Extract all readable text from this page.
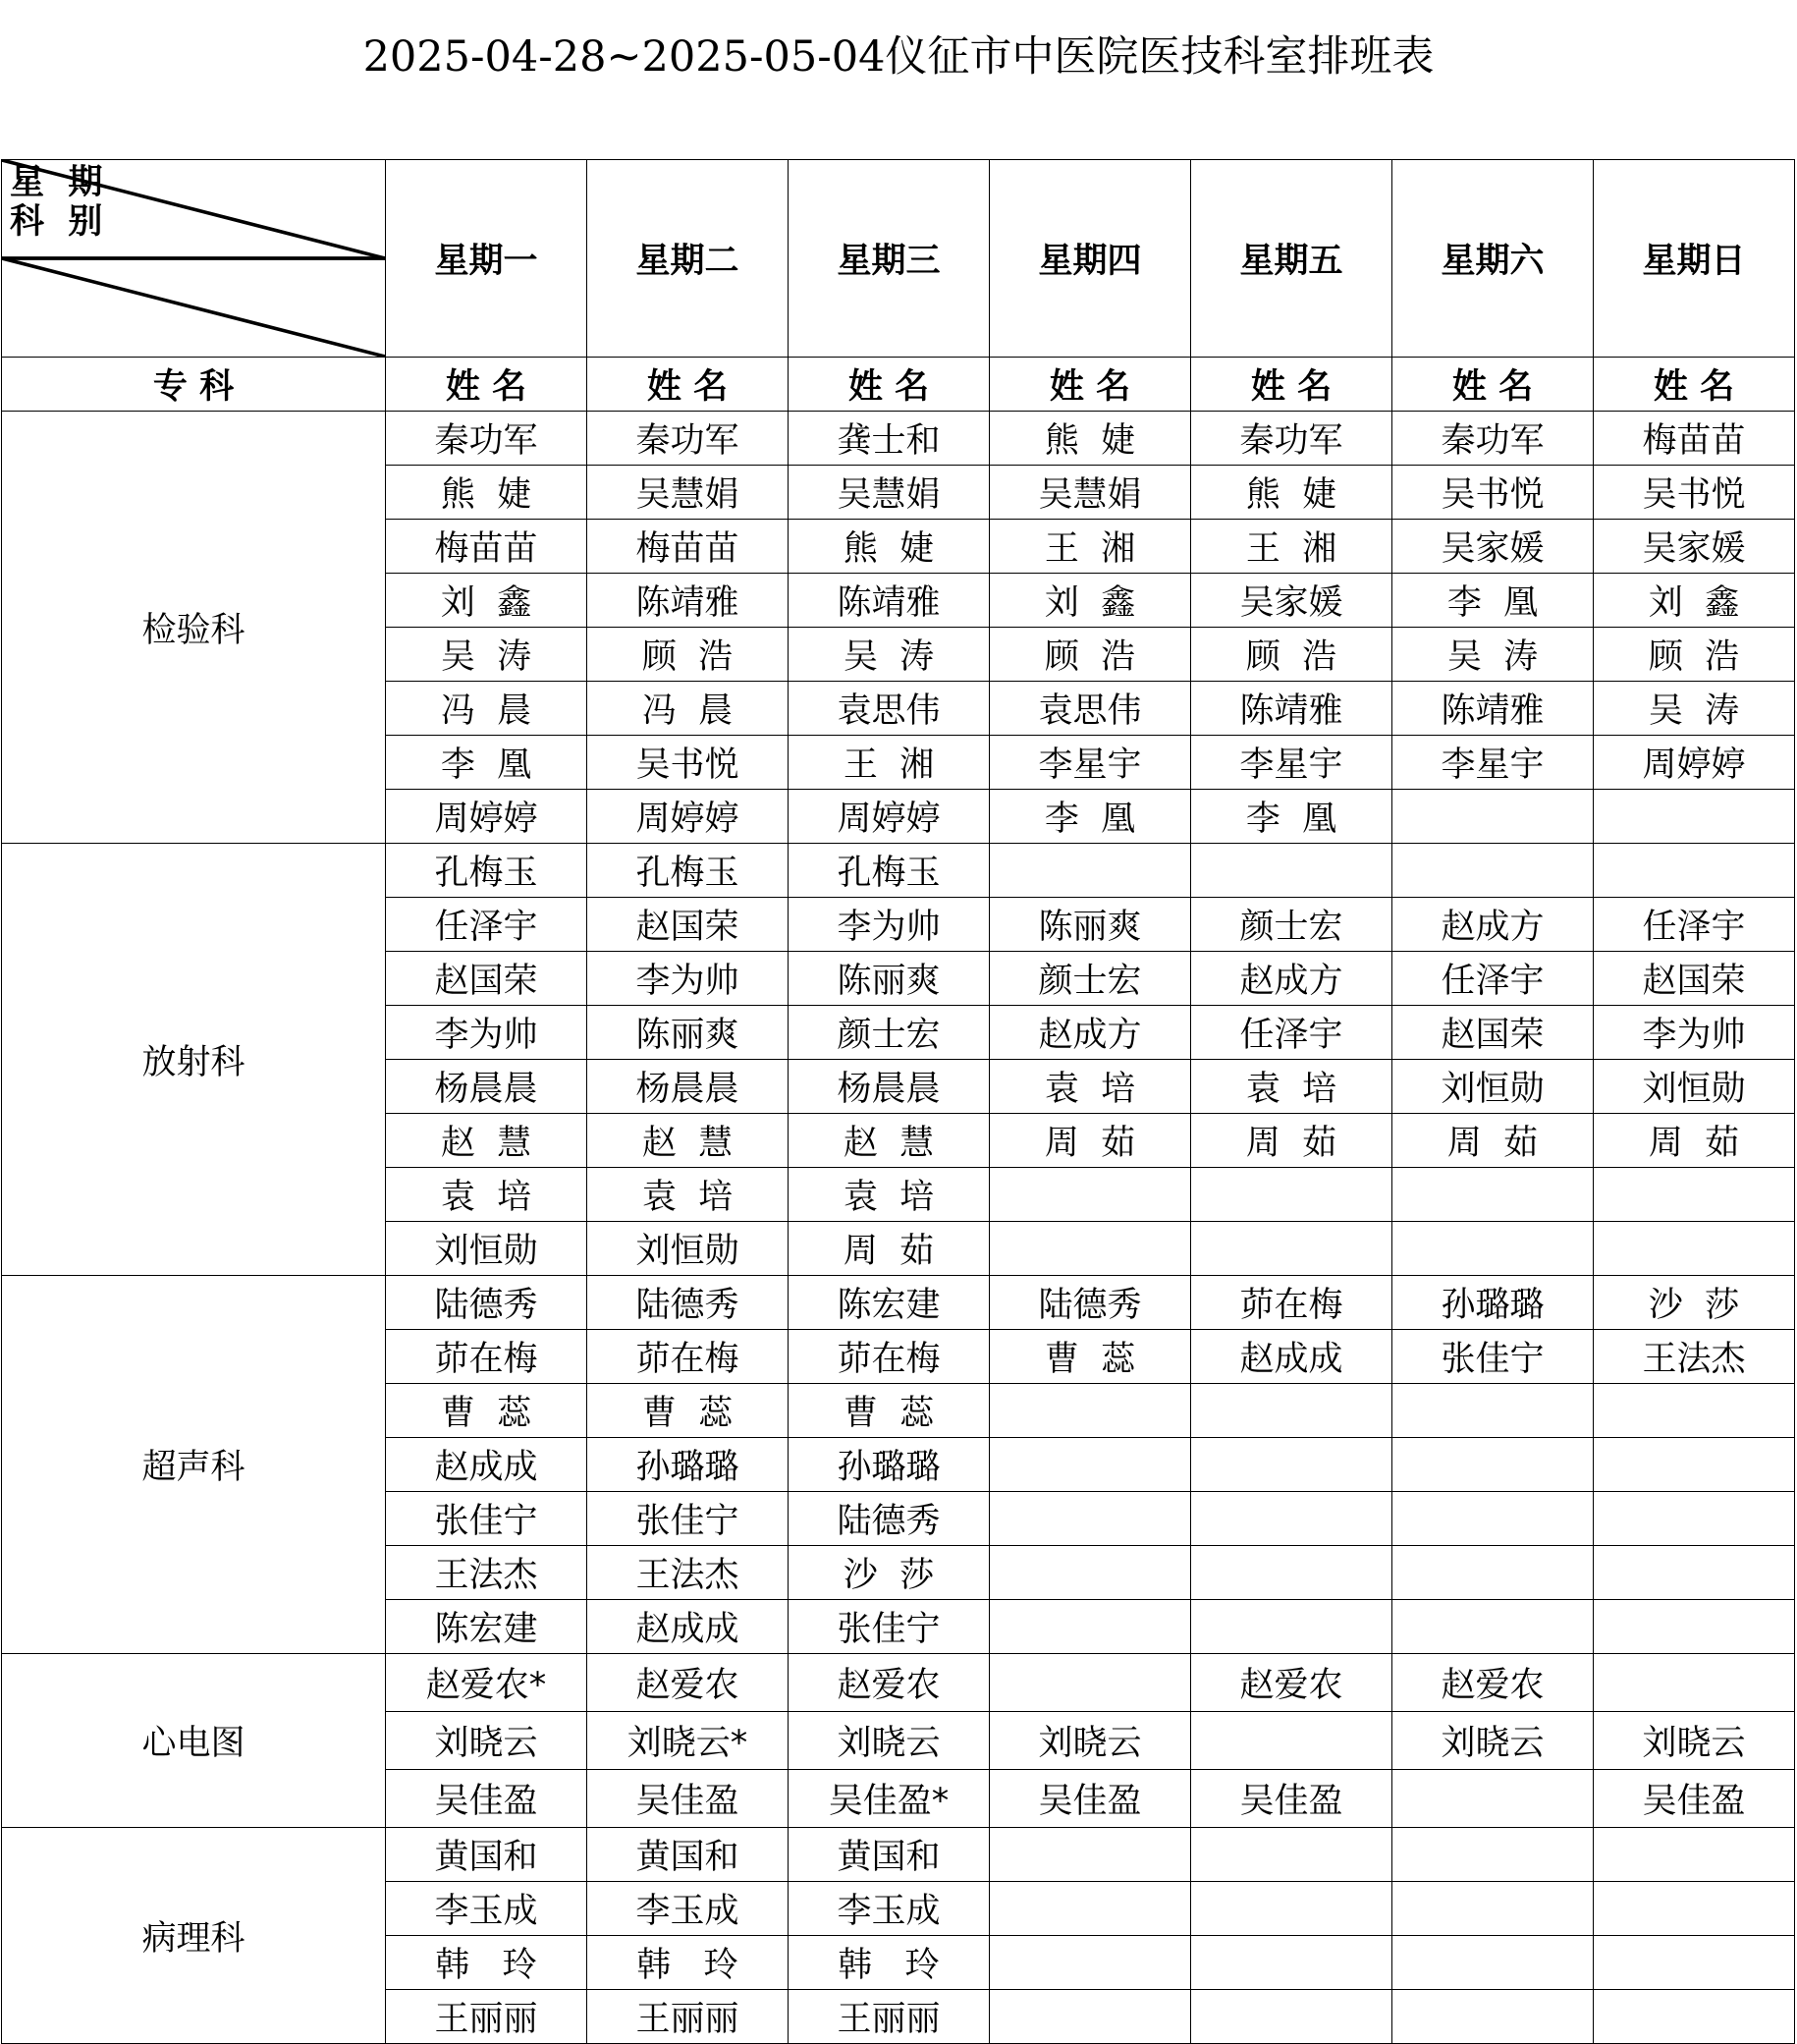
2025-04-28~2025-05-04仪征市中医院医技科室排班表

星  期

科  别	星期一	星期二	星期三	星期四	星期五	星期六	星期日
专 科	姓 名	姓 名	姓 名	姓 名	姓 名	姓 名	姓 名
检验科	秦功军	秦功军	龚士和	熊  婕	秦功军	秦功军	梅苗苗
	熊  婕	吴慧娟	吴慧娟	吴慧娟	熊  婕	吴书悦	吴书悦
	梅苗苗	梅苗苗	熊  婕	王  湘	王  湘	吴家媛	吴家媛
	刘  鑫	陈靖雅	陈靖雅	刘  鑫	吴家媛	李  凰	刘  鑫
	吴  涛	顾  浩	吴  涛	顾  浩	顾  浩	吴  涛	顾  浩
	冯  晨	冯  晨	袁思伟	袁思伟	陈靖雅	陈靖雅	吴  涛
	李  凰	吴书悦	王  湘	李星宇	李星宇	李星宇	周婷婷
	周婷婷	周婷婷	周婷婷	李  凰	李  凰		
放射科	孔梅玉	孔梅玉	孔梅玉				
	任泽宇	赵国荣	李为帅	陈丽爽	颜士宏	赵成方	任泽宇
	赵国荣	李为帅	陈丽爽	颜士宏	赵成方	任泽宇	赵国荣
	李为帅	陈丽爽	颜士宏	赵成方	任泽宇	赵国荣	李为帅
	杨晨晨	杨晨晨	杨晨晨	袁  培	袁  培	刘恒勋	刘恒勋
	赵  慧	赵  慧	赵  慧	周  茹	周  茹	周  茹	周  茹
	袁  培	袁  培	袁  培				
	刘恒勋	刘恒勋	周  茹				
超声科	陆德秀	陆德秀	陈宏建	陆德秀	茆在梅	孙璐璐	沙  莎
	茆在梅	茆在梅	茆在梅	曹  蕊	赵成成	张佳宁	王法杰
	曹  蕊	曹  蕊	曹  蕊				
	赵成成	孙璐璐	孙璐璐				
	张佳宁	张佳宁	陆德秀				
	王法杰	王法杰	沙  莎				
	陈宏建	赵成成	张佳宁				
心电图	赵爱农*	赵爱农	赵爱农		赵爱农	赵爱农	
	刘晓云	刘晓云*	刘晓云	刘晓云		刘晓云	刘晓云
	吴佳盈	吴佳盈	吴佳盈*	吴佳盈	吴佳盈		吴佳盈
病理科	黄国和	黄国和	黄国和				
	李玉成	李玉成	李玉成				
	韩   玲	韩   玲	韩   玲				
	王丽丽	王丽丽	王丽丽				
